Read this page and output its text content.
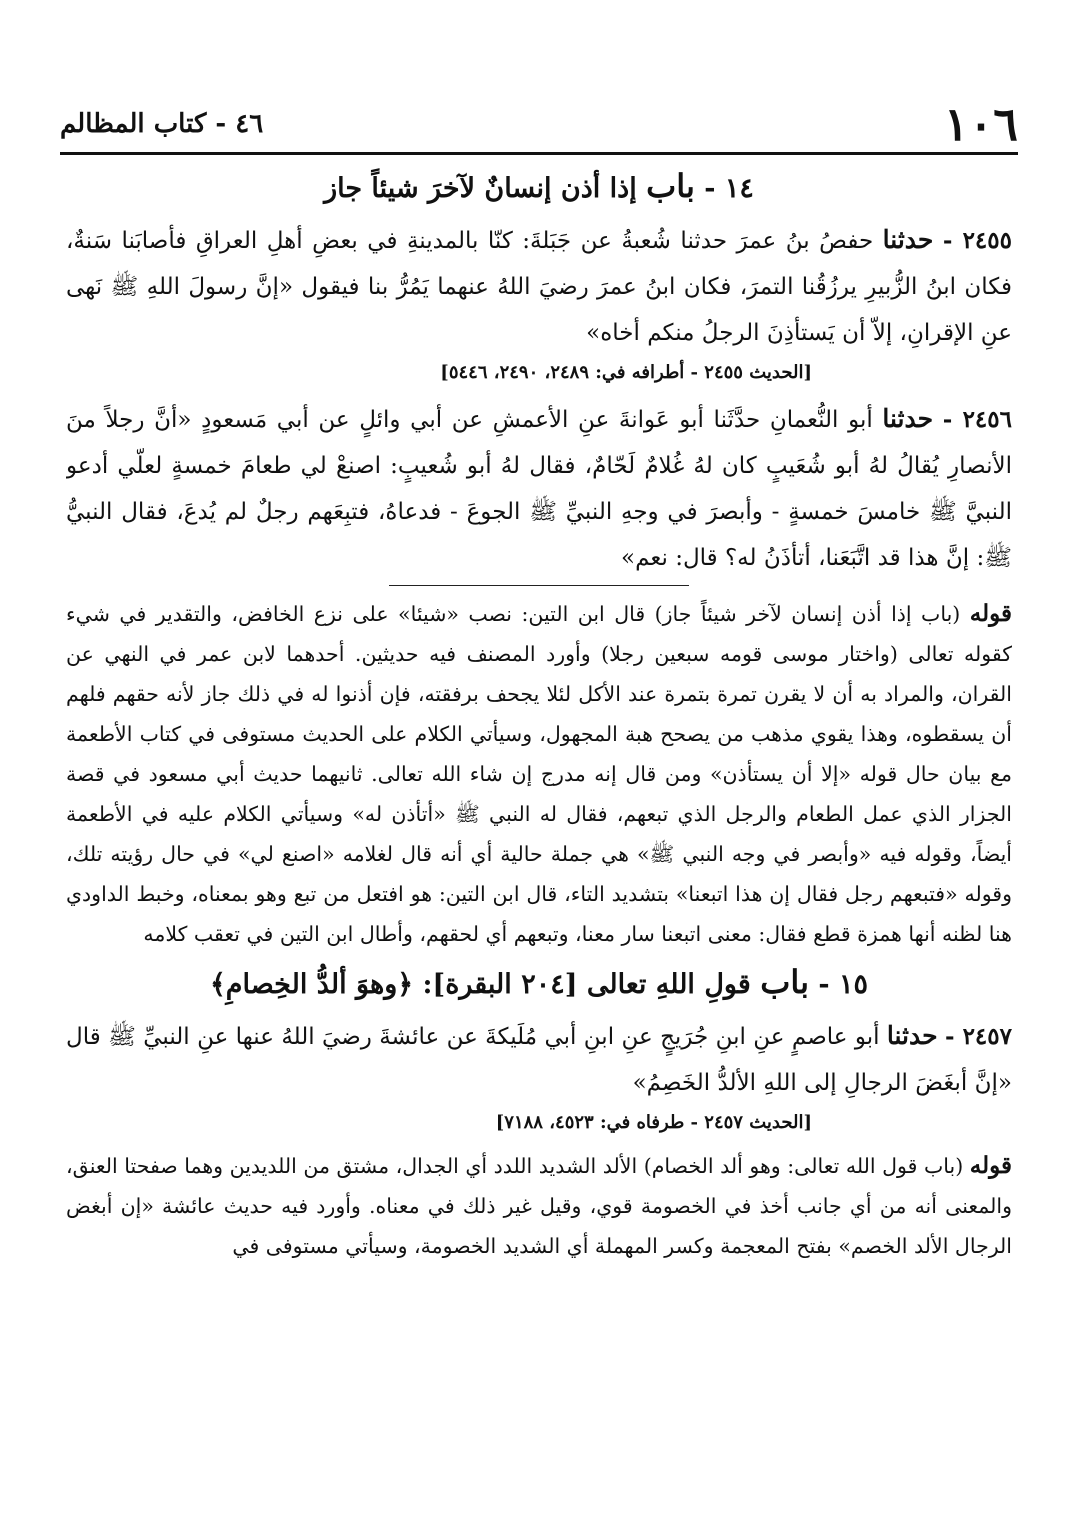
١٠٦
٤٦ - كتاب المظالم
١٤ - باب إذا أذن إنسانٌ لآخرَ شيئاً جاز

٢٤٥٥ - حدثنا حفصُ بنُ عمرَ حدثنا شُعبةُ عن جَبَلةَ: كنّا بالمدينةِ في بعضِ أهلِ العراقِ فأصابَنا سَنةٌ، فكان ابنُ الزُّبيرِ يرزُقُنا التمرَ، فكان ابنُ عمرَ رضيَ اللهُ عنهما يَمُرُّ بنا فيقول «إنَّ رسولَ اللهِ ﷺ نَهى عنِ الإقرانِ، إلاّ أن يَستأذِنَ الرجلُ منكم أخاه»

[الحديث ٢٤٥٥ - أطرافه في: ٢٤٨٩، ٢٤٩٠، ٥٤٤٦]

٢٤٥٦ - حدثنا أبو النُّعمانِ حدَّثَنا أبو عَوانةَ عنِ الأعمشِ عن أبي وائلٍ عن أبي مَسعودٍ «أنَّ رجلاً منَ الأنصارِ يُقالُ لهُ أبو شُعَيبٍ كان لهُ غُلامٌ لَحّامٌ، فقال لهُ أبو شُعيبٍ: اصنعْ لي طعامَ خمسةٍ لعلّي أدعو النبيَّ ﷺ خامسَ خمسةٍ - وأبصرَ في وجهِ النبيِّ ﷺ الجوعَ - فدعاهُ، فتبِعَهم رجلٌ لم يُدعَ، فقال النبيُّ ﷺ: إنَّ هذا قد اتَّبَعَنا، أتأذَنُ له؟ قال: نعم»

قوله (باب إذا أذن إنسان لآخر شيئاً جاز) قال ابن التين: نصب «شيئا» على نزع الخافض، والتقدير في شيء كقوله تعالى (واختار موسى قومه سبعين رجلا) وأورد المصنف فيه حديثين. أحدهما لابن عمر في النهي عن القران، والمراد به أن لا يقرن تمرة بتمرة عند الأكل لئلا يجحف برفقته، فإن أذنوا له في ذلك جاز لأنه حقهم فلهم أن يسقطوه، وهذا يقوي مذهب من يصحح هبة المجهول، وسيأتي الكلام على الحديث مستوفى في كتاب الأطعمة مع بيان حال قوله «إلا أن يستأذن» ومن قال إنه مدرج إن شاء الله تعالى. ثانيهما حديث أبي مسعود في قصة الجزار الذي عمل الطعام والرجل الذي تبعهم، فقال له النبي ﷺ «أتأذن له» وسيأتي الكلام عليه في الأطعمة أيضاً، وقوله فيه «وأبصر في وجه النبي ﷺ» هي جملة حالية أي أنه قال لغلامه «اصنع لي» في حال رؤيته تلك، وقوله «فتبعهم رجل فقال إن هذا اتبعنا» بتشديد التاء، قال ابن التين: هو افتعل من تبع وهو بمعناه، وخبط الداودي هنا لظنه أنها همزة قطع فقال: معنى اتبعنا سار معنا، وتبعهم أي لحقهم، وأطال ابن التين في تعقب كلامه

١٥ - باب قولِ اللهِ تعالى [٢٠٤ البقرة]: ﴿وهوَ ألدُّ الخِصامِ﴾

٢٤٥٧ - حدثنا أبو عاصمٍ عنِ ابنِ جُرَيجٍ عنِ ابنِ أبي مُلَيكةَ عن عائشةَ رضيَ اللهُ عنها عنِ النبيِّ ﷺ قال «إنَّ أبغَضَ الرجالِ إلى اللهِ الألدُّ الخَصِمُ»

[الحديث ٢٤٥٧ - طرفاه في: ٤٥٢٣، ٧١٨٨]

قوله (باب قول الله تعالى: وهو ألد الخصام) الألد الشديد اللدد أي الجدال، مشتق من اللديدين وهما صفحتا العنق، والمعنى أنه من أي جانب أخذ في الخصومة قوي، وقيل غير ذلك في معناه. وأورد فيه حديث عائشة «إن أبغض الرجال الألد الخصم» بفتح المعجمة وكسر المهملة أي الشديد الخصومة، وسيأتي مستوفى في
